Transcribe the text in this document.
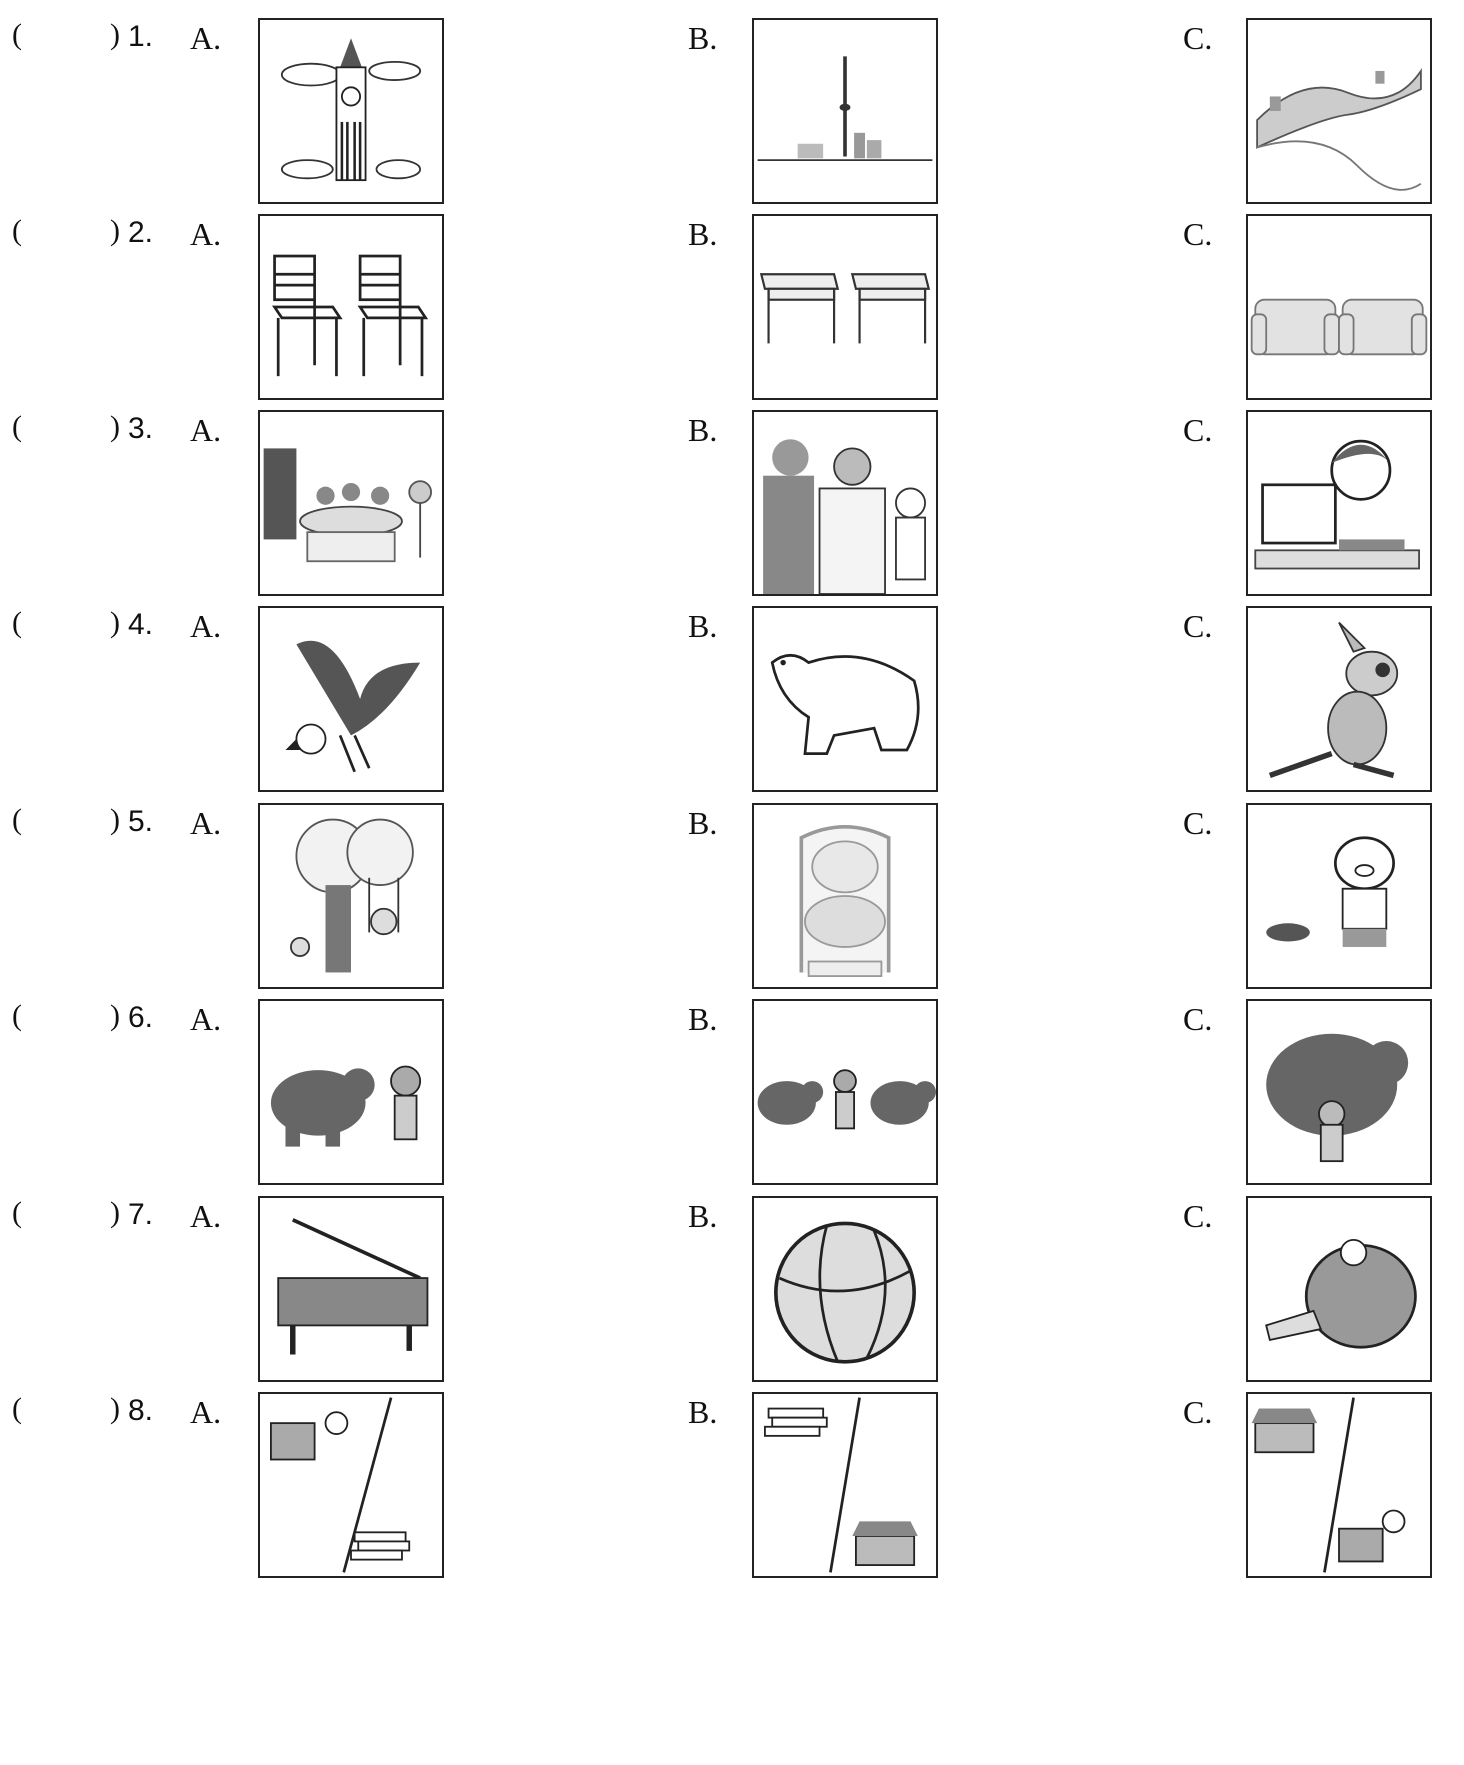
(	) 1. A.	B.	C.
(	) 2. A.	B.	C.
(	) 3. A.	B.	C.
(	) 4. A.	B.	C.
(	) 5. A.	B.	C.
(	) 6. A.	B.	C.
(	) 7. A.	B.	C.
(	) 8. A.	B.	C.
